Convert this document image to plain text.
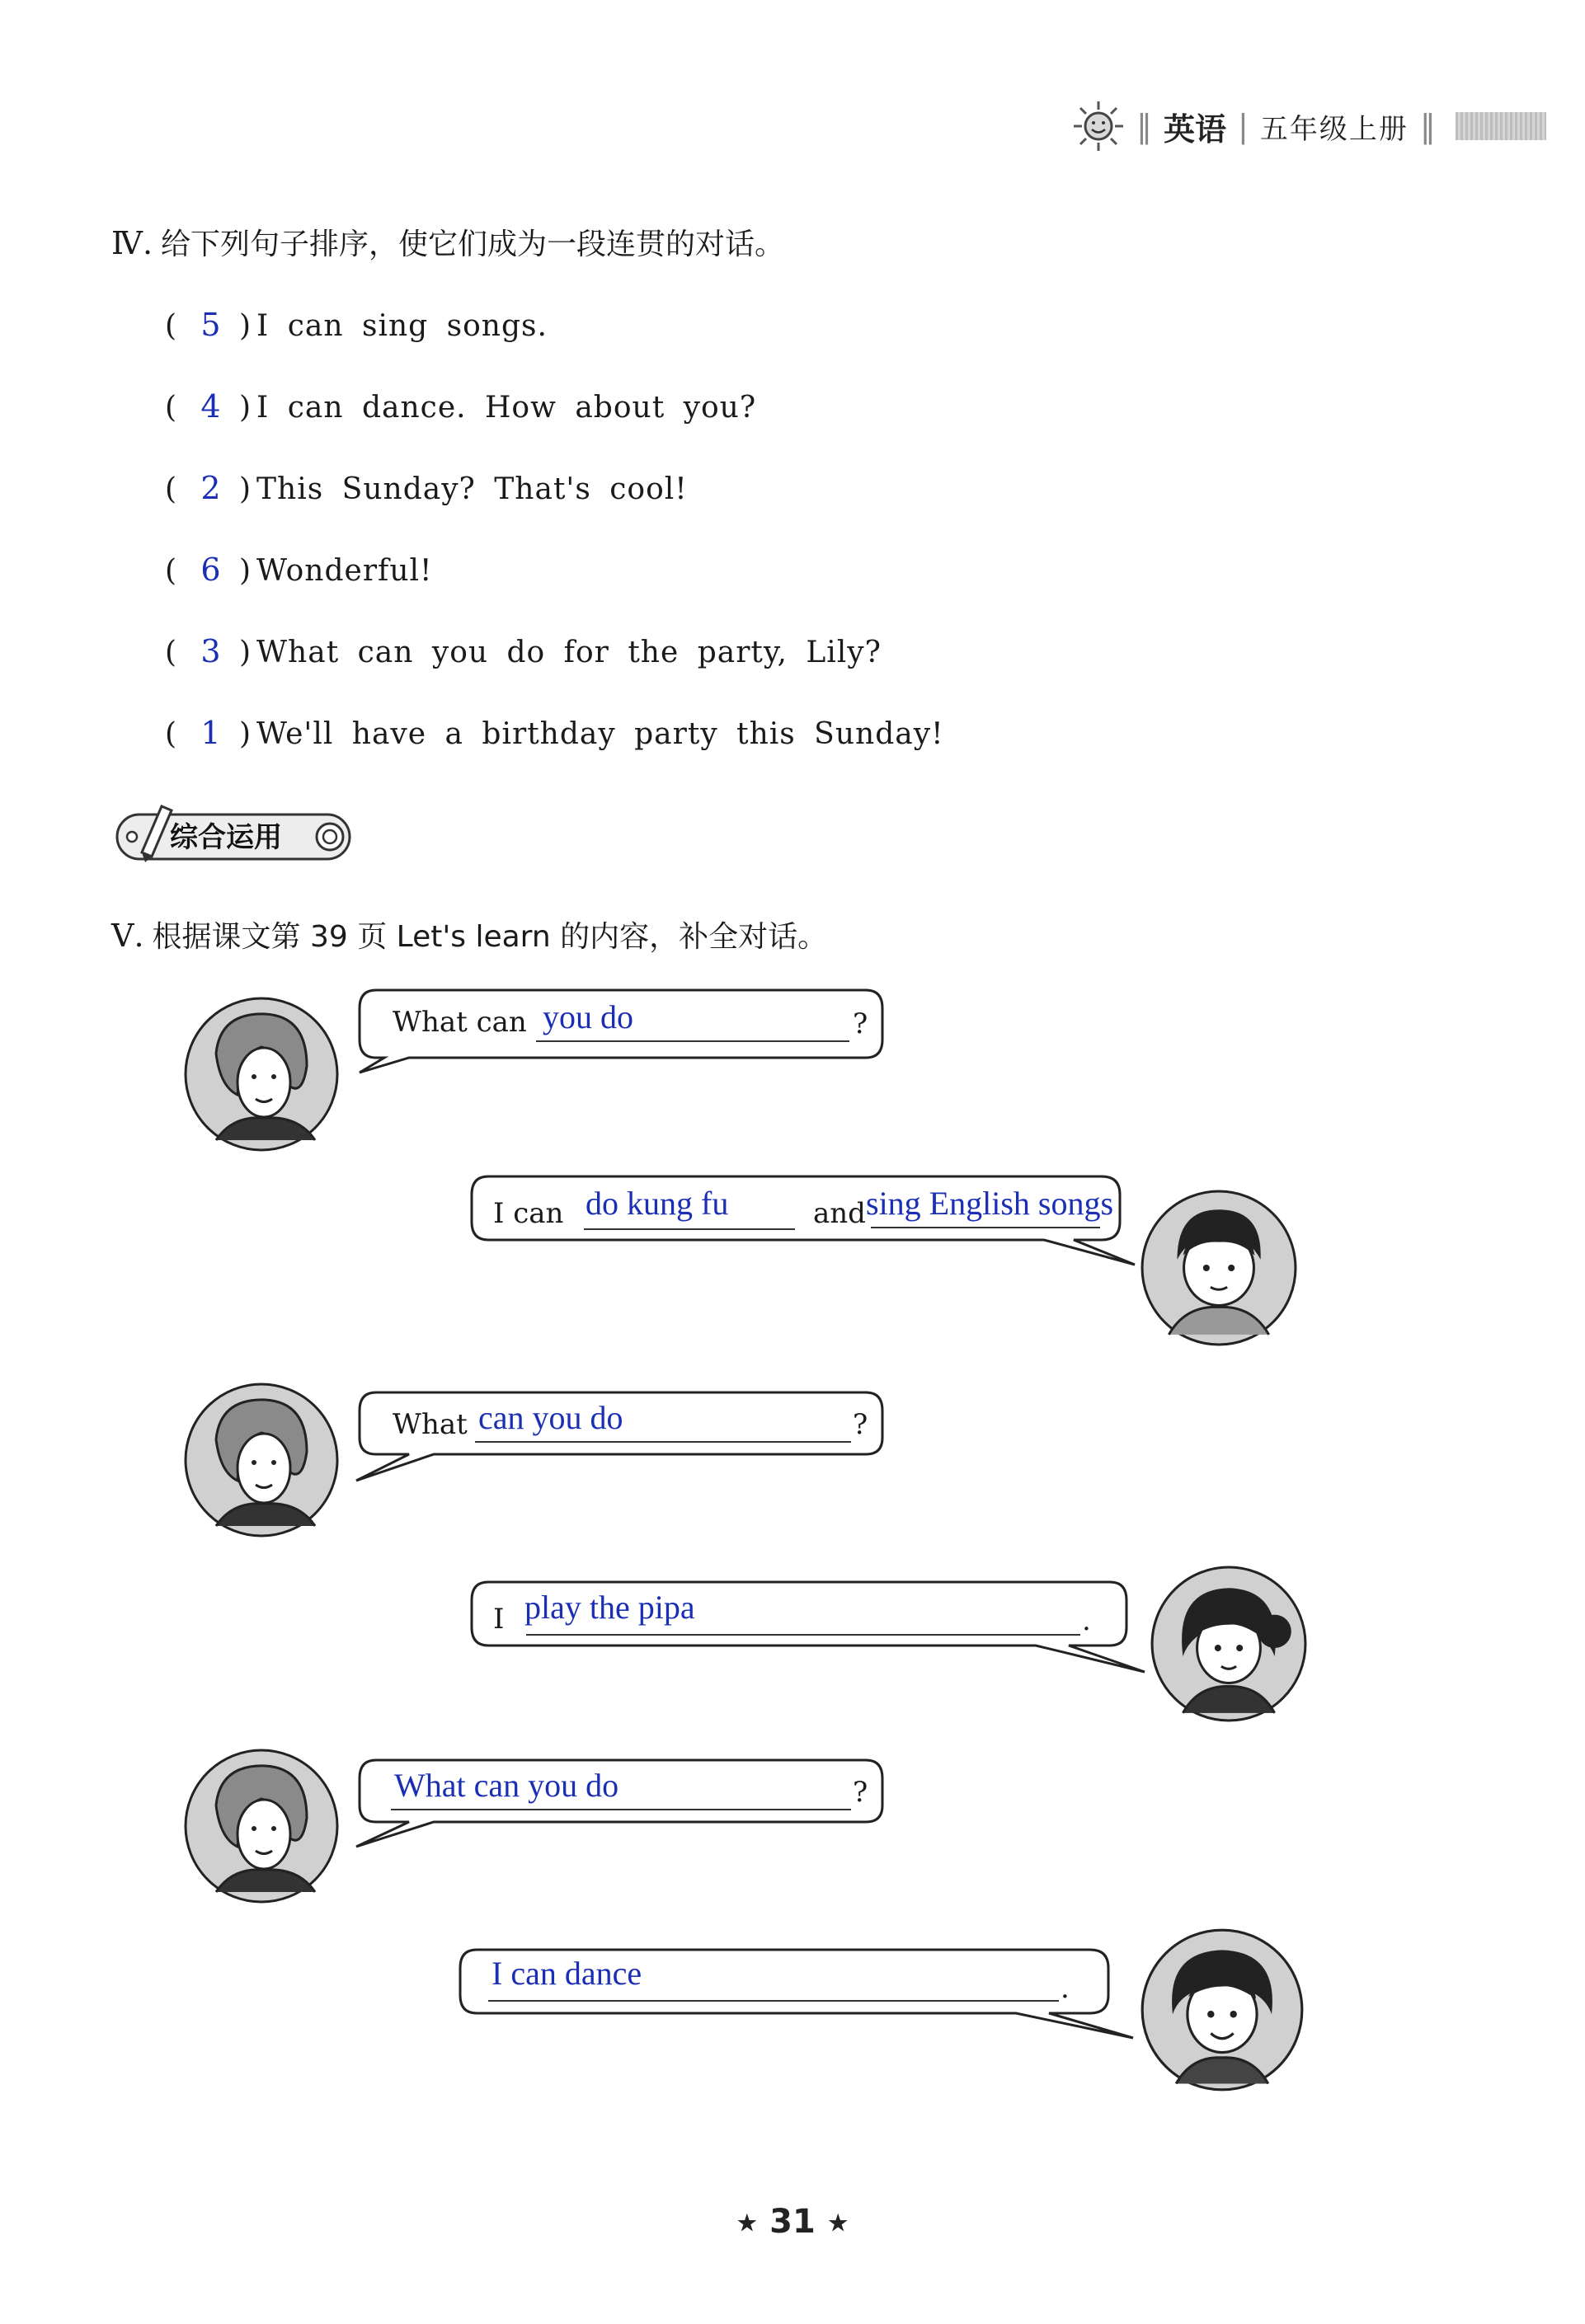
‖ 英语 | 五年级上册 ‖
Ⅳ. 给下列句子排序，使它们成为一段连贯的对话。
( 5 ) I can sing songs.
( 4 ) I can dance. How about you?
( 2 ) This Sunday? That's cool!
( 6 ) Wonderful!
( 3 ) What can you do for the party, Lily?
( 1 ) We'll have a birthday party this Sunday!
综合运用
Ⅴ. 根据课文第 39 页 Let's learn 的内容，补全对话。
What can you do	?
I can do kung fu	and sing English songs
What can you do	?
I play the pipa	.
What can you do	?
I can dance	.
★ 31 ★
